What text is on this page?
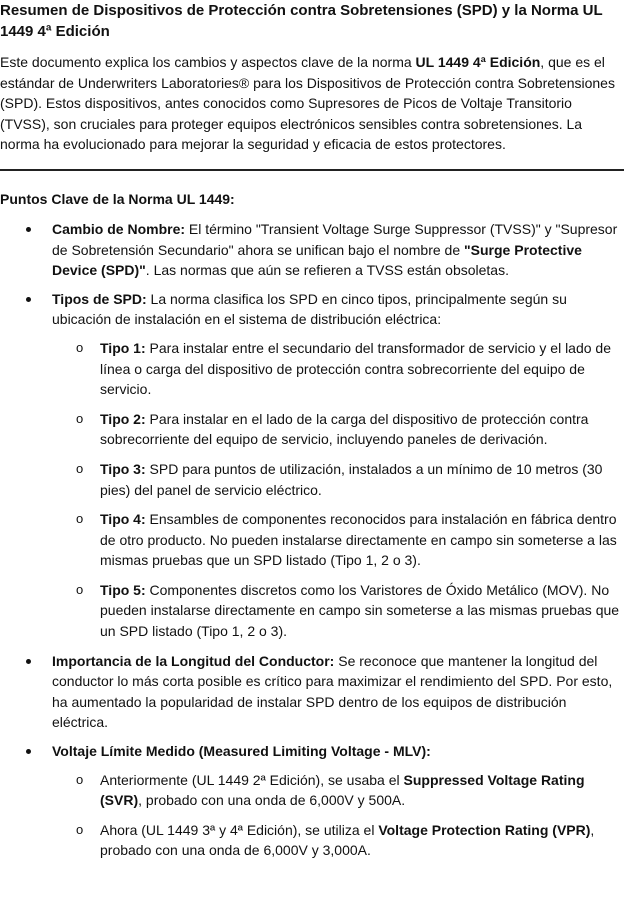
Resumen de Dispositivos de Protección contra Sobretensiones (SPD) y la Norma UL 1449 4ª Edición
Este documento explica los cambios y aspectos clave de la norma UL 1449 4ª Edición, que es el estándar de Underwriters Laboratories® para los Dispositivos de Protección contra Sobretensiones (SPD). Estos dispositivos, antes conocidos como Supresores de Picos de Voltaje Transitorio (TVSS), son cruciales para proteger equipos electrónicos sensibles contra sobretensiones. La norma ha evolucionado para mejorar la seguridad y eficacia de estos protectores.
Puntos Clave de la Norma UL 1449:
Cambio de Nombre: El término "Transient Voltage Surge Suppressor (TVSS)" y "Supresor de Sobretensión Secundario" ahora se unifican bajo el nombre de "Surge Protective Device (SPD)". Las normas que aún se refieren a TVSS están obsoletas.
Tipos de SPD: La norma clasifica los SPD en cinco tipos, principalmente según su ubicación de instalación en el sistema de distribución eléctrica:
o Tipo 1: Para instalar entre el secundario del transformador de servicio y el lado de línea o carga del dispositivo de protección contra sobrecorriente del equipo de servicio.
o Tipo 2: Para instalar en el lado de la carga del dispositivo de protección contra sobrecorriente del equipo de servicio, incluyendo paneles de derivación.
o Tipo 3: SPD para puntos de utilización, instalados a un mínimo de 10 metros (30 pies) del panel de servicio eléctrico.
o Tipo 4: Ensambles de componentes reconocidos para instalación en fábrica dentro de otro producto. No pueden instalarse directamente en campo sin someterse a las mismas pruebas que un SPD listado (Tipo 1, 2 o 3).
o Tipo 5: Componentes discretos como los Varistores de Óxido Metálico (MOV). No pueden instalarse directamente en campo sin someterse a las mismas pruebas que un SPD listado (Tipo 1, 2 o 3).
Importancia de la Longitud del Conductor: Se reconoce que mantener la longitud del conductor lo más corta posible es crítico para maximizar el rendimiento del SPD. Por esto, ha aumentado la popularidad de instalar SPD dentro de los equipos de distribución eléctrica.
Voltaje Límite Medido (Measured Limiting Voltage - MLV):
o Anteriormente (UL 1449 2ª Edición), se usaba el Suppressed Voltage Rating (SVR), probado con una onda de 6,000V y 500A.
o Ahora (UL 1449 3ª y 4ª Edición), se utiliza el Voltage Protection Rating (VPR), probado con una onda de 6,000V y 3,000A.
